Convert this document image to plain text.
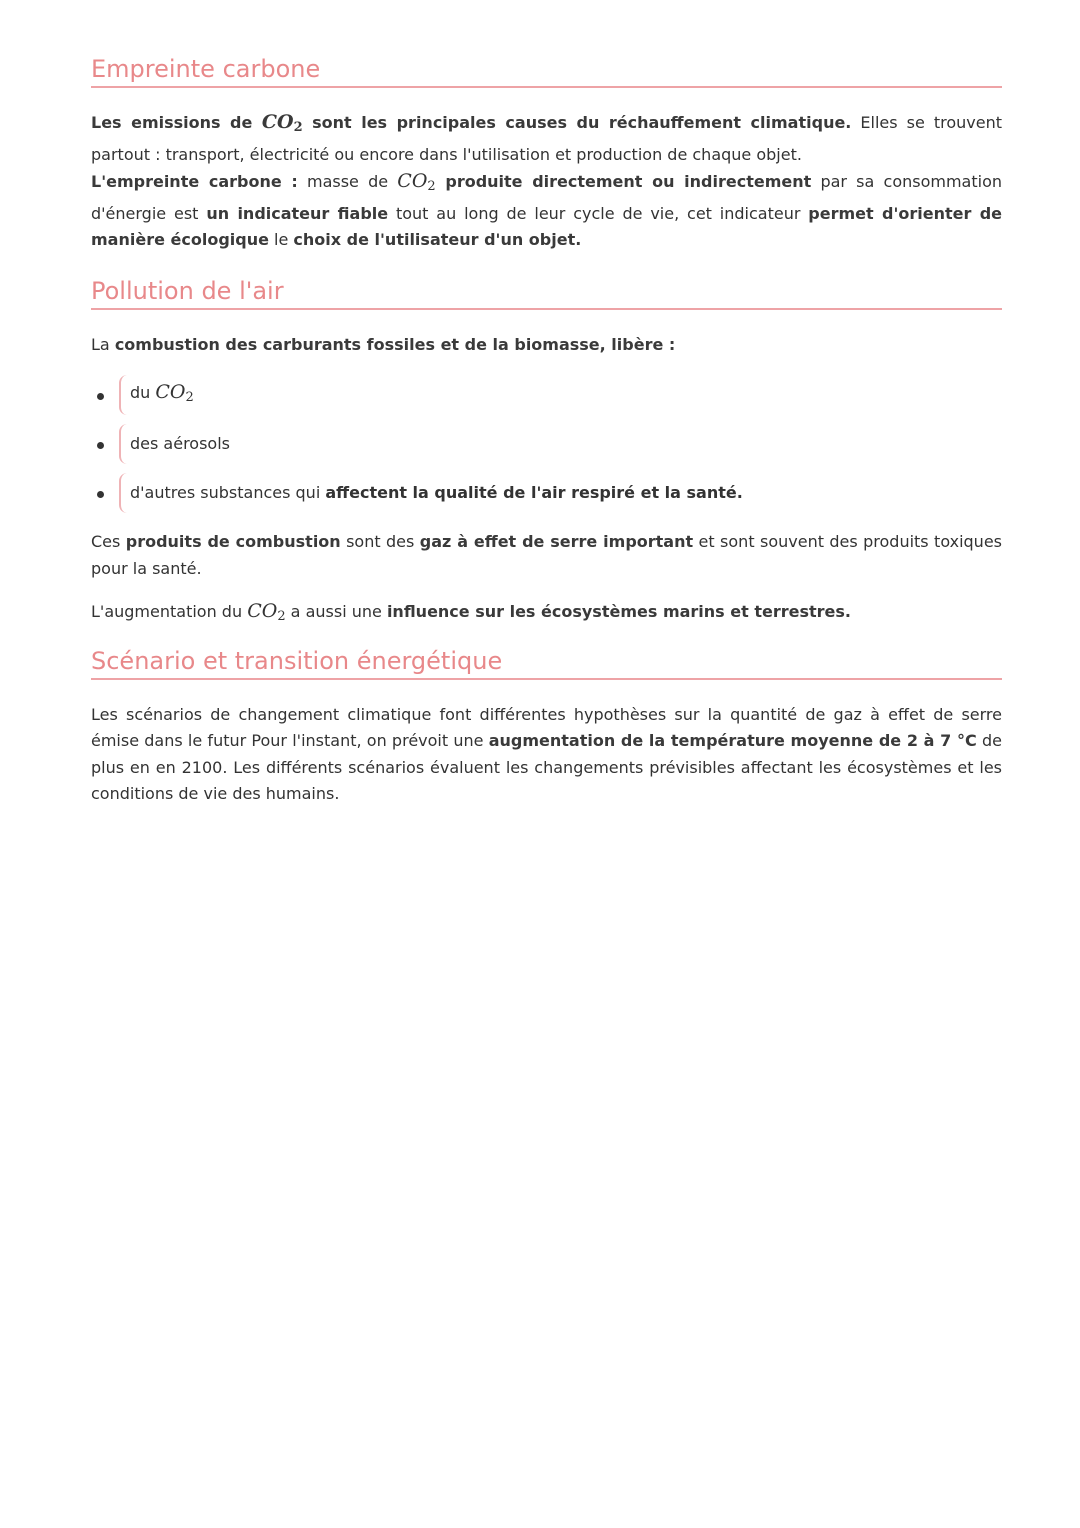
Empreinte carbone

Les emissions de $CO_2$ sont les principales causes du réchauffement climatique. Elles se trouvent partout : transport, électricité ou encore dans l'utilisation et production de chaque objet.

L'empreinte carbone : masse de $CO_2$ produite directement ou indirectement par sa consommation d'énergie est un indicateur fiable tout au long de leur cycle de vie, cet indicateur permet d'orienter de manière écologique le choix de l'utilisateur d'un objet.

Pollution de l'air

La combustion des carburants fossiles et de la biomasse, libère :

du $CO_2$
des aérosols
d'autres substances qui affectent la qualité de l'air respiré et la santé.

Ces produits de combustion sont des gaz à effet de serre important et sont souvent des produits toxiques pour la santé.

L'augmentation du $CO_2$ a aussi une influence sur les écosystèmes marins et terrestres.

Scénario et transition énergétique

Les scénarios de changement climatique font différentes hypothèses sur la quantité de gaz à effet de serre émise dans le futur Pour l'instant, on prévoit une augmentation de la température moyenne de 2 à 7 °C de plus en en 2100. Les différents scénarios évaluent les changements prévisibles affectant les écosystèmes et les conditions de vie des humains.
